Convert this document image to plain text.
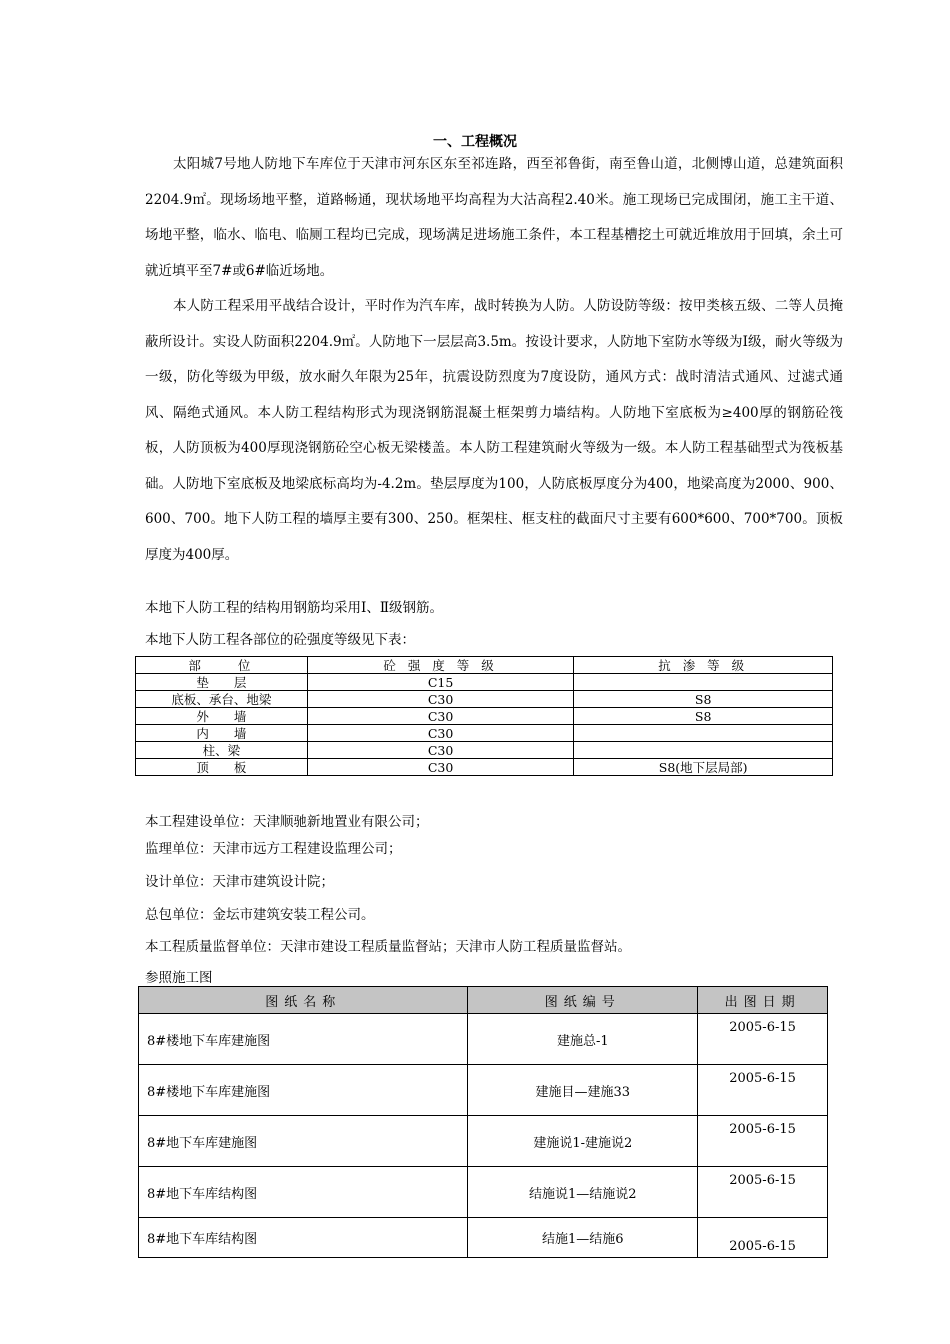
一、工程概况

太阳城7号地人防地下车库位于天津市河东区东至祁连路，西至祁鲁街，南至鲁山道，北侧博山道，总建筑面积2204.9㎡。现场场地平整，道路畅通，现状场地平均高程为大沽高程2.40米。施工现场已完成围闭，施工主干道、场地平整，临水、临电、临厕工程均已完成，现场满足进场施工条件，本工程基槽挖土可就近堆放用于回填，余土可就近填平至7#或6#临近场地。

本人防工程采用平战结合设计，平时作为汽车库，战时转换为人防。人防设防等级：按甲类核五级、二等人员掩蔽所设计。实设人防面积2204.9㎡。人防地下一层层高3.5m。按设计要求，人防地下室防水等级为Ⅰ级，耐火等级为一级，防化等级为甲级，放水耐久年限为25年，抗震设防烈度为7度设防，通风方式：战时清洁式通风、过滤式通风、隔绝式通风。本人防工程结构形式为现浇钢筋混凝土框架剪力墙结构。人防地下室底板为≥400厚的钢筋砼筏板，人防顶板为400厚现浇钢筋砼空心板无梁楼盖。本人防工程建筑耐火等级为一级。本人防工程基础型式为筏板基础。人防地下室底板及地梁底标高均为-4.2m。垫层厚度为100，人防底板厚度分为400，地梁高度为2000、900、600、700。地下人防工程的墙厚主要有300、250。框架柱、框支柱的截面尺寸主要有600*600、700*700。顶板厚度为400厚。

本地下人防工程的结构用钢筋均采用Ⅰ、Ⅱ级钢筋。
本地下人防工程各部位的砼强度等级见下表：
部　　位	砼 强 度 等 级	抗 渗 等 级
垫　　层	C15	
底板、承台、地梁	C30	S8
外　　墙	C30	S8
内　　墙	C30	
柱、梁	C30	
顶　　板	C30	S8(地下层局部)
本工程建设单位：天津顺驰新地置业有限公司；
监理单位：天津市远方工程建设监理公司；
设计单位：天津市建筑设计院；
总包单位：金坛市建筑安装工程公司。
本工程质量监督单位：天津市建设工程质量监督站；天津市人防工程质量监督站。
参照施工图
图纸名称	图纸编号	出图日期
8#楼地下车库建施图	建施总-1	2005-6-15
8#楼地下车库建施图	建施目—建施33	2005-6-15
8#地下车库建施图	建施说1-建施说2	2005-6-15
8#地下车库结构图	结施说1—结施说2	2005-6-15
8#地下车库结构图	结施1—结施6	2005-6-15
